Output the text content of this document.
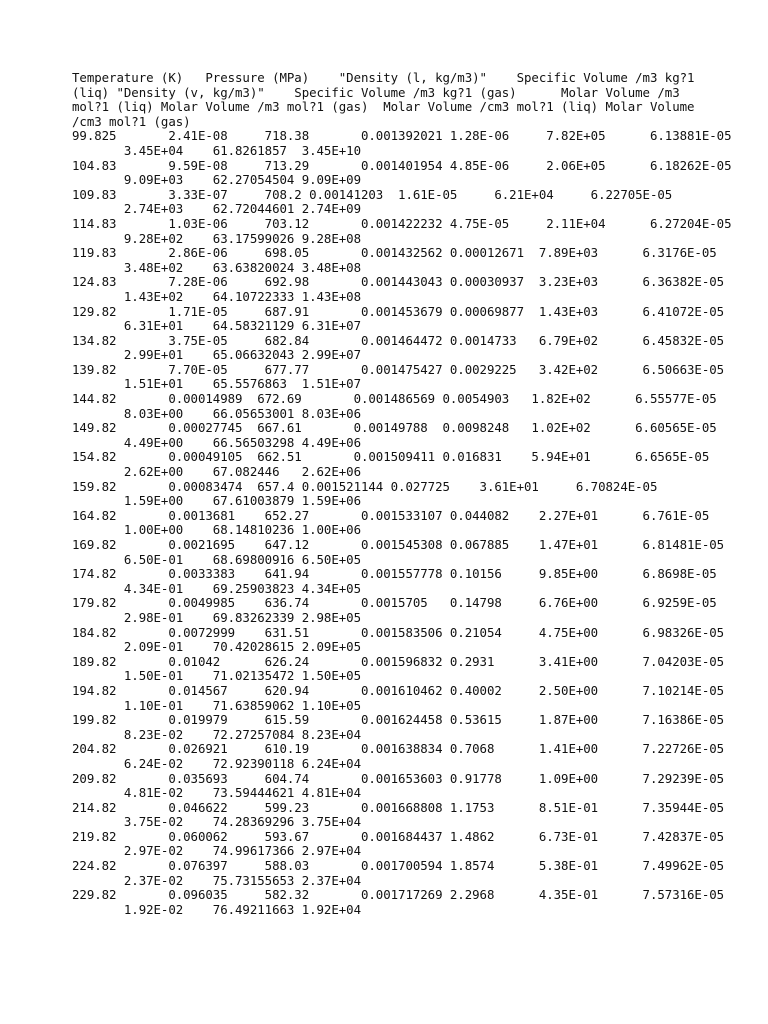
Temperature (K)   Pressure (MPa)    "Density (l, kg/m3)"    Specific Volume /m3 kg?1
(liq) "Density (v, kg/m3)"    Specific Volume /m3 kg?1 (gas)      Molar Volume /m3
mol?1 (liq) Molar Volume /m3 mol?1 (gas)  Molar Volume /cm3 mol?1 (liq) Molar Volume
/cm3 mol?1 (gas)
99.825       2.41E-08     718.38       0.001392021 1.28E-06     7.82E+05      6.13881E-05
3.45E+04    61.8261857  3.45E+10
104.83       9.59E-08     713.29       0.001401954 4.85E-06     2.06E+05      6.18262E-05
9.09E+03    62.27054504 9.09E+09
109.83       3.33E-07     708.2 0.00141203  1.61E-05     6.21E+04     6.22705E-05
2.74E+03    62.72044601 2.74E+09
114.83       1.03E-06     703.12       0.001422232 4.75E-05     2.11E+04      6.27204E-05
9.28E+02    63.17599026 9.28E+08
119.83       2.86E-06     698.05       0.001432562 0.00012671  7.89E+03      6.3176E-05
3.48E+02    63.63820024 3.48E+08
124.83       7.28E-06     692.98       0.001443043 0.00030937  3.23E+03      6.36382E-05
1.43E+02    64.10722333 1.43E+08
129.82       1.71E-05     687.91       0.001453679 0.00069877  1.43E+03      6.41072E-05
6.31E+01    64.58321129 6.31E+07
134.82       3.75E-05     682.84       0.001464472 0.0014733   6.79E+02      6.45832E-05
2.99E+01    65.06632043 2.99E+07
139.82       7.70E-05     677.77       0.001475427 0.0029225   3.42E+02      6.50663E-05
1.51E+01    65.5576863  1.51E+07
144.82       0.00014989  672.69       0.001486569 0.0054903   1.82E+02      6.55577E-05
8.03E+00    66.05653001 8.03E+06
149.82       0.00027745  667.61       0.00149788  0.0098248   1.02E+02      6.60565E-05
4.49E+00    66.56503298 4.49E+06
154.82       0.00049105  662.51       0.001509411 0.016831    5.94E+01      6.6565E-05
2.62E+00    67.082446   2.62E+06
159.82       0.00083474  657.4 0.001521144 0.027725    3.61E+01     6.70824E-05
1.59E+00    67.61003879 1.59E+06
164.82       0.0013681    652.27       0.001533107 0.044082    2.27E+01      6.761E-05
1.00E+00    68.14810236 1.00E+06
169.82       0.0021695    647.12       0.001545308 0.067885    1.47E+01      6.81481E-05
6.50E-01    68.69800916 6.50E+05
174.82       0.0033383    641.94       0.001557778 0.10156     9.85E+00      6.8698E-05
4.34E-01    69.25903823 4.34E+05
179.82       0.0049985    636.74       0.0015705   0.14798     6.76E+00      6.9259E-05
2.98E-01    69.83262339 2.98E+05
184.82       0.0072999    631.51       0.001583506 0.21054     4.75E+00      6.98326E-05
2.09E-01    70.42028615 2.09E+05
189.82       0.01042      626.24       0.001596832 0.2931      3.41E+00      7.04203E-05
1.50E-01    71.02135472 1.50E+05
194.82       0.014567     620.94       0.001610462 0.40002     2.50E+00      7.10214E-05
1.10E-01    71.63859062 1.10E+05
199.82       0.019979     615.59       0.001624458 0.53615     1.87E+00      7.16386E-05
8.23E-02    72.27257084 8.23E+04
204.82       0.026921     610.19       0.001638834 0.7068      1.41E+00      7.22726E-05
6.24E-02    72.92390118 6.24E+04
209.82       0.035693     604.74       0.001653603 0.91778     1.09E+00      7.29239E-05
4.81E-02    73.59444621 4.81E+04
214.82       0.046622     599.23       0.001668808 1.1753      8.51E-01      7.35944E-05
3.75E-02    74.28369296 3.75E+04
219.82       0.060062     593.67       0.001684437 1.4862      6.73E-01      7.42837E-05
2.97E-02    74.99617366 2.97E+04
224.82       0.076397     588.03       0.001700594 1.8574      5.38E-01      7.49962E-05
2.37E-02    75.73155653 2.37E+04
229.82       0.096035     582.32       0.001717269 2.2968      4.35E-01      7.57316E-05
1.92E-02    76.49211663 1.92E+04
